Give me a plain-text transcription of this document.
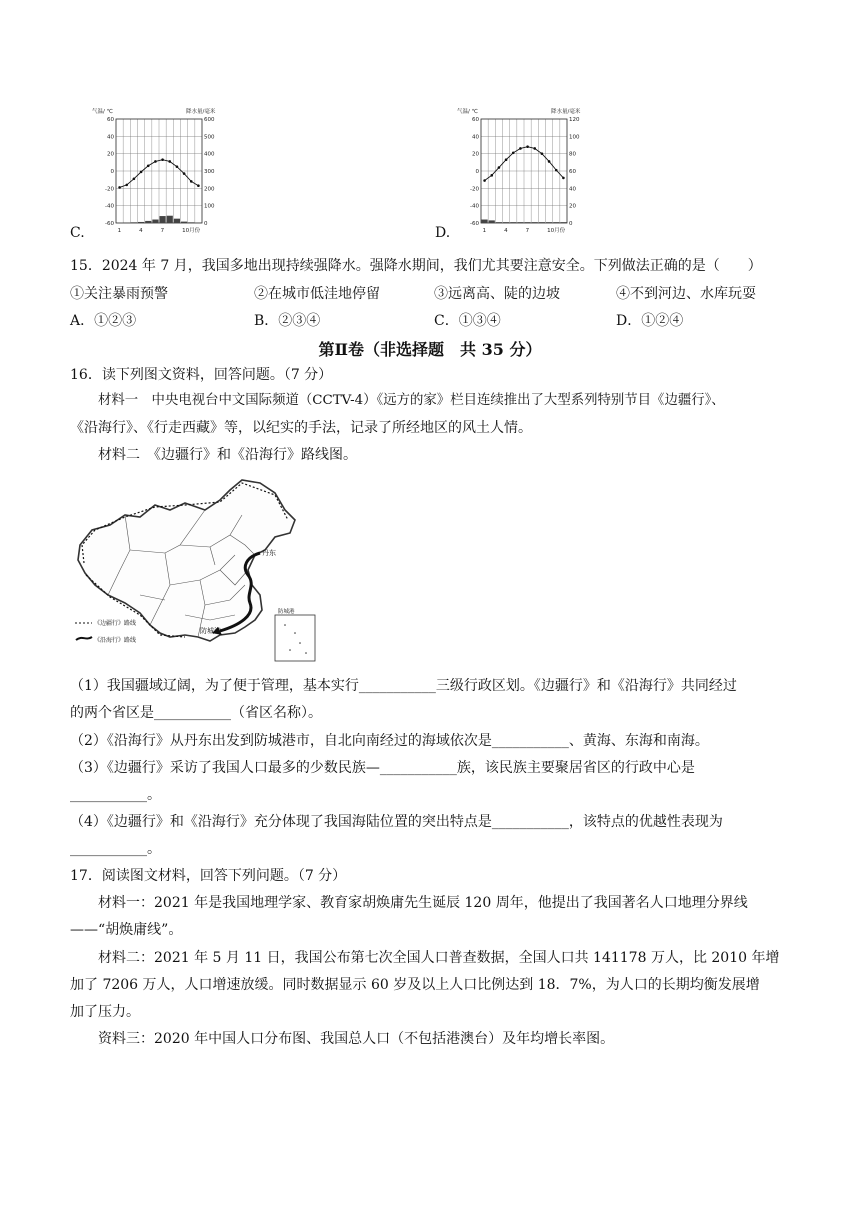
C.
气温/ ℃	降水量/毫米
60	600
40	500
20	400
0	300
-20	200
-40	100
-60	0
1	4	7	10月份	D.
气温/ ℃	降水量/毫米
60	120
40	100
20	80
0	60
-20	40
-40	20
-60	0
1	4	7	10月份
15．2024 年 7 月，我国多地出现持续强降水。强降水期间，我们尤其要注意安全。下列做法正确的是（　　）
①关注暴雨预警	②在城市低洼地停留	③远离高、陡的边坡	④不到河边、水库玩耍
A．①②③	B．②③④	C．①③④	D．①②④
第Ⅱ卷（非选择题　共 35 分）
16．读下列图文资料，回答问题。（7 分）
材料一　中央电视台中文国际频道（CCTV-4）《远方的家》栏目连续推出了大型系列特别节目《边疆行》、
《沿海行》、《行走西藏》等，以纪实的手法，记录了所经地区的风土人情。
材料二　《边疆行》和《沿海行》路线图。
丹东
防城港
《边疆行》路线
《沿海行》路线
防城港
（1）我国疆域辽阔，为了便于管理，基本实行___________三级行政区划。《边疆行》和《沿海行》共同经过
的两个省区是___________（省区名称）。
（2）《沿海行》从丹东出发到防城港市，自北向南经过的海域依次是___________、黄海、东海和南海。
（3）《边疆行》采访了我国人口最多的少数民族—___________族，该民族主要聚居省区的行政中心是
___________。
（4）《边疆行》和《沿海行》充分体现了我国海陆位置的突出特点是___________，该特点的优越性表现为
___________。
17．阅读图文材料，回答下列问题。（7 分）
材料一：2021 年是我国地理学家、教育家胡焕庸先生诞辰 120 周年，他提出了我国著名人口地理分界线
——“胡焕庸线”。
材料二：2021 年 5 月 11 日，我国公布第七次全国人口普查数据，全国人口共 141178 万人，比 2010 年增
加了 7206 万人，人口增速放缓。同时数据显示 60 岁及以上人口比例达到 18．7%，为人口的长期均衡发展增
加了压力。
资料三：2020 年中国人口分布图、我国总人口（不包括港澳台）及年均增长率图。
